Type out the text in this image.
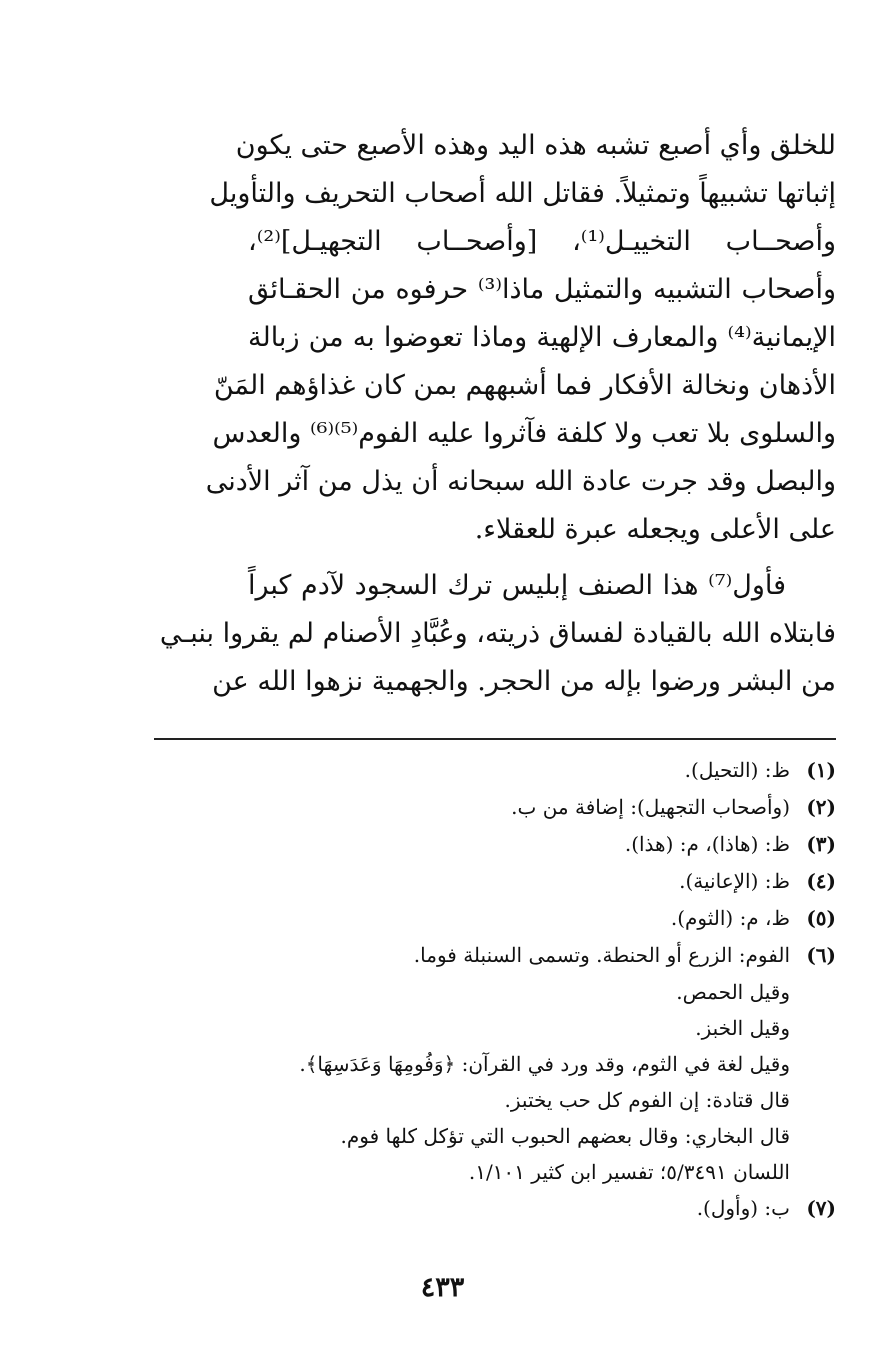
للخلق وأي أصبع تشبه هذه اليد وهذه الأصبع حتى يكون
إثباتها تشبيهاً وتمثيلاً. فقاتل الله أصحاب التحريف والتأويل
وأصحــاب التخييـل⁽¹⁾، [وأصحــاب التجهيـل]⁽²⁾،
وأصحاب التشبيه والتمثيل ماذا⁽³⁾ حرفوه من الحقـائق
الإيمانية⁽⁴⁾ والمعارف الإلهية وماذا تعوضوا به من زبالة
الأذهان ونخالة الأفكار فما أشبههم بمن كان غذاؤهم المَنّ
والسلوى بلا تعب ولا كلفة فآثروا عليه الفوم⁽⁵⁾⁽⁶⁾ والعدس
والبصل وقد جرت عادة الله سبحانه أن يذل من آثر الأدنى
على الأعلى ويجعله عبرة للعقلاء.
فأول⁽⁷⁾ هذا الصنف إبليس ترك السجود لآدم كبراً
فابتلاه الله بالقيادة لفساق ذريته، وعُبَّادِ الأصنام لم يقروا بنبـي
من البشر ورضوا بإله من الحجر. والجهمية نزهوا الله عن
(١)
ظ: (التحيل).
(٢)
(وأصحاب التجهيل): إضافة من ب.
(٣)
ظ: (هاذا)، م: (هذا).
(٤)
ظ: (الإعانية).
(٥)
ظ، م: (الثوم).
(٦)
الفوم: الزرع أو الحنطة. وتسمى السنبلة فوما.
وقيل الحمص.
وقيل الخبز.
وقيل لغة في الثوم، وقد ورد في القرآن: ﴿وَفُومِهَا وَعَدَسِهَا﴾.
قال قتادة: إن الفوم كل حب يختبز.
قال البخاري: وقال بعضهم الحبوب التي تؤكل كلها فوم.
اللسان ٥/٣٤٩١؛ تفسير ابن كثير ١/١٠١.
(٧)
ب: (وأول).
٤٣٣
